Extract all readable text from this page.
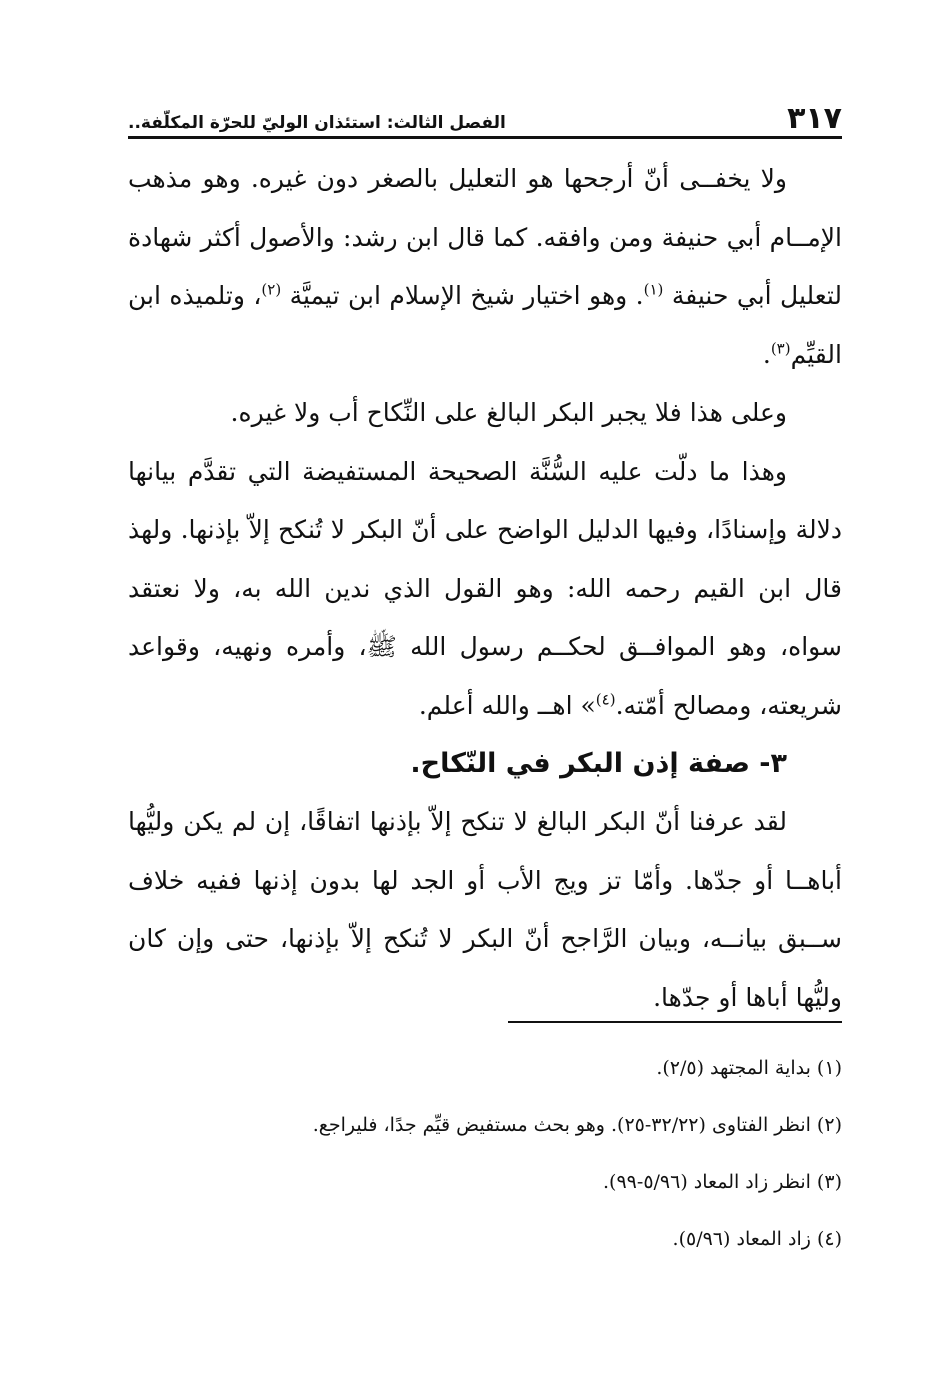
٣١٧
الفصل الثالث: استئذان الوليّ للحرّة المكلّفة..

ولا يخفــى أنّ أرجحها هو التعليل بالصغر دون غيره. وهو مذهب الإمــام أبي حنيفة ومن وافقه. كما قال ابن رشد: والأصول أكثر شهادة لتعليل أبي حنيفة $^{(١)}$. وهو اختيار شيخ الإسلام ابن تيميَّة $^{(٢)}$، وتلميذه ابن القيِّم$^{(٣)}$.

وعلى هذا فلا يجبر البكر البالغ على النِّكاح أب ولا غيره.

وهذا ما دلّت عليه السُّنَّة الصحيحة المستفيضة التي تقدَّم بيانها دلالة وإسنادًا، وفيها الدليل الواضح على أنّ البكر لا تُنكح إلاّ بإذنها. ولهذ قال ابن القيم رحمه الله: وهو القول الذي ندين الله به، ولا نعتقد سواه، وهو الموافــق لحكــم رسول الله ﷺ، وأمره ونهيه، وقواعد شريعته، ومصالح أمّته.$^{(٤)}$» اهــ والله أعلم.

٣- صفة إذن البكر في النّكاح.

لقد عرفنا أنّ البكر البالغ لا تنكح إلاّ بإذنها اتفاقًا، إن لم يكن وليُّها أباهــا أو جدّها. وأمّا تز ويج الأب أو الجد لها بدون إذنها ففيه خلاف ســبق بيانــه، وبيان الرَّاجح أنّ البكر لا تُنكح إلاّ بإذنها، حتى وإن كان وليُّها أباها أو جدّها.

(١) بداية المجتهد (٢/٥).

(٢) انظر الفتاوى (٣٢/٢٢-٢٥). وهو بحث مستفيض قيِّم جدًا، فليراجع.

(٣) انظر زاد المعاد (٥/٩٦-٩٩).

(٤) زاد المعاد (٥/٩٦).
